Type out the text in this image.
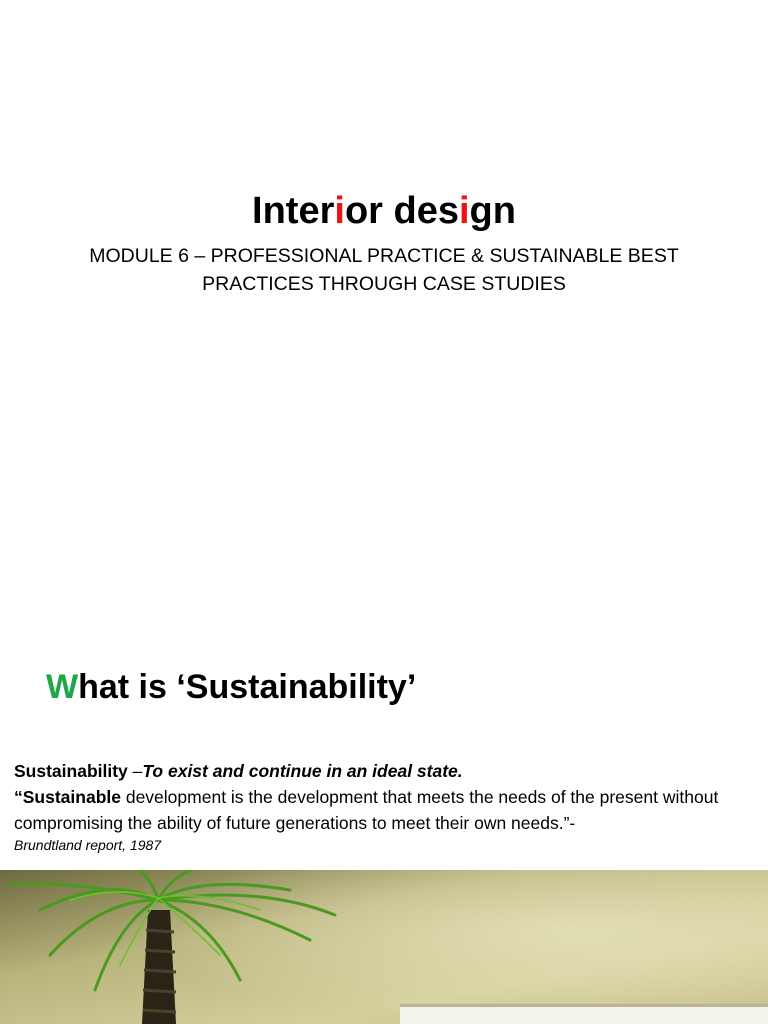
Interior design
MODULE 6 – PROFESSIONAL PRACTICE & SUSTAINABLE BEST
PRACTICES THROUGH CASE STUDIES
What is ‘Sustainability’
Sustainability –To exist and continue in an ideal state.
“Sustainable development is the development that meets the needs of the present without compromising the ability of future generations to meet their own needs.”-
Brundtland report, 1987
